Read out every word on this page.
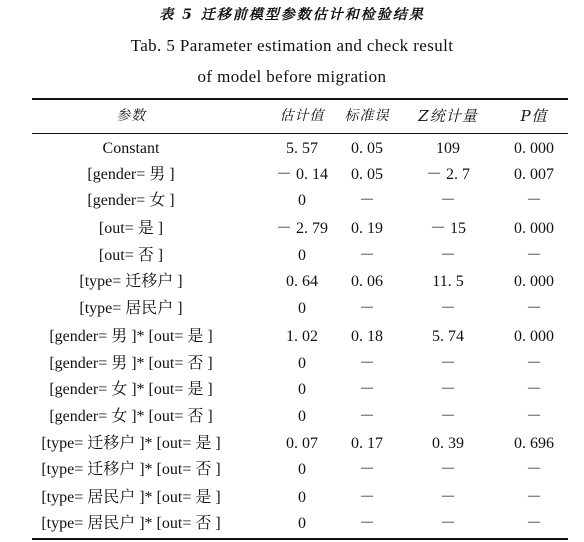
表 5 迁移前模型参数估计和检验结果
Tab. 5 Parameter estimation and check result
of model before migration
参数	估计值	标准误	Z统计量	P值
Constant	5. 57	0. 05	109	0. 000
[gender= 男 ]	－ 0. 14	0. 05	－ 2. 7	0. 007
[gender= 女 ]	0	－	－	－
[out= 是 ]	－ 2. 79	0. 19	－ 15	0. 000
[out= 否 ]	0	－	－	－
[type= 迁移户 ]	0. 64	0. 06	11. 5	0. 000
[type= 居民户 ]	0	－	－	－
[gender= 男 ]* [out= 是 ]	1. 02	0. 18	5. 74	0. 000
[gender= 男 ]* [out= 否 ]	0	－	－	－
[gender= 女 ]* [out= 是 ]	0	－	－	－
[gender= 女 ]* [out= 否 ]	0	－	－	－
[type= 迁移户 ]* [out= 是 ]	0. 07	0. 17	0. 39	0. 696
[type= 迁移户 ]* [out= 否 ]	0	－	－	－
[type= 居民户 ]* [out= 是 ]	0	－	－	－
[type= 居民户 ]* [out= 否 ]	0	－	－	－
